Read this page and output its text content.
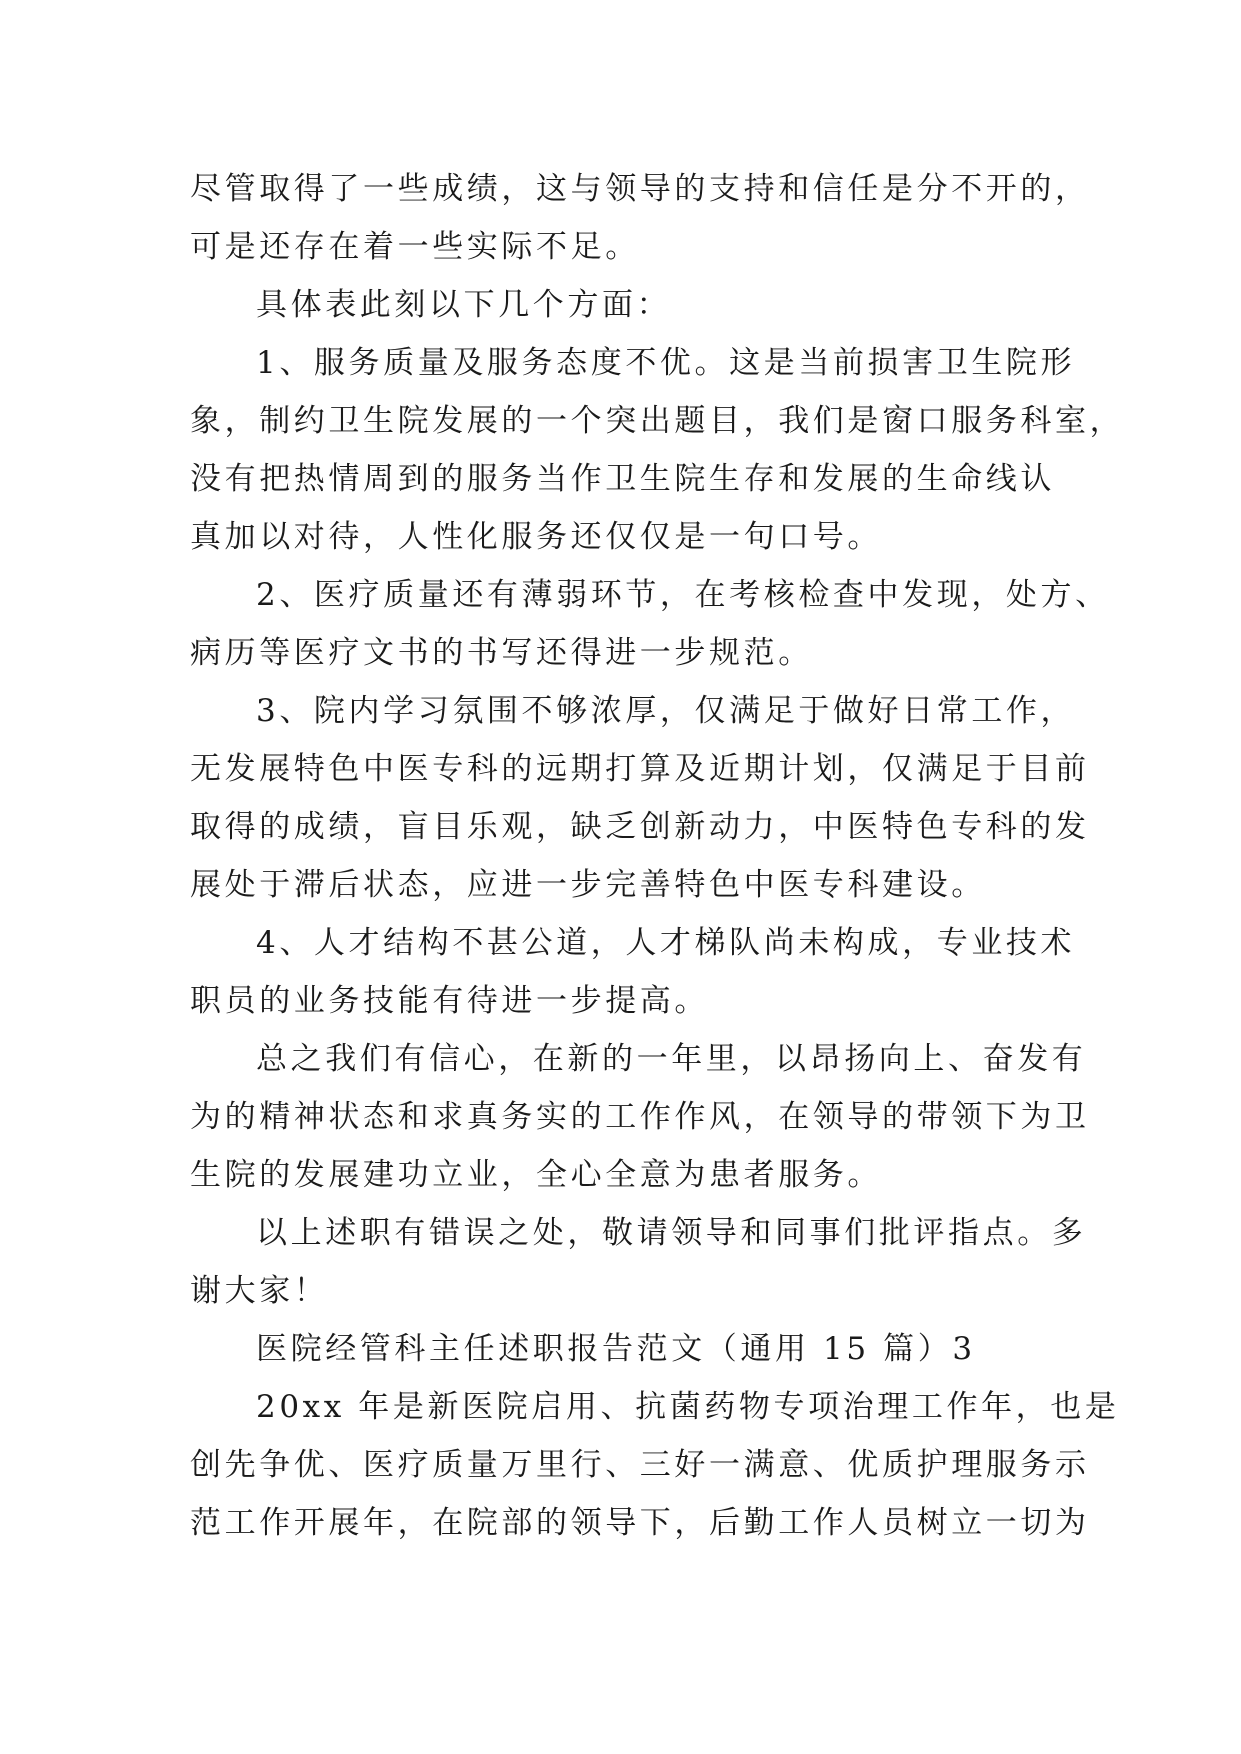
尽管取得了一些成绩，这与领导的支持和信任是分不开的，
可是还存在着一些实际不足。
具体表此刻以下几个方面：
1、服务质量及服务态度不优。这是当前损害卫生院形
象，制约卫生院发展的一个突出题目，我们是窗口服务科室，
没有把热情周到的服务当作卫生院生存和发展的生命线认
真加以对待，人性化服务还仅仅是一句口号。
2、医疗质量还有薄弱环节，在考核检查中发现，处方、
病历等医疗文书的书写还得进一步规范。
3、院内学习氛围不够浓厚，仅满足于做好日常工作，
无发展特色中医专科的远期打算及近期计划，仅满足于目前
取得的成绩，盲目乐观，缺乏创新动力，中医特色专科的发
展处于滞后状态，应进一步完善特色中医专科建设。
4、人才结构不甚公道，人才梯队尚未构成，专业技术
职员的业务技能有待进一步提高。
总之我们有信心，在新的一年里，以昂扬向上、奋发有
为的精神状态和求真务实的工作作风，在领导的带领下为卫
生院的发展建功立业，全心全意为患者服务。
以上述职有错误之处，敬请领导和同事们批评指点。多
谢大家！
医院经管科主任述职报告范文（通用 15 篇）3
20xx 年是新医院启用、抗菌药物专项治理工作年，也是
创先争优、医疗质量万里行、三好一满意、优质护理服务示
范工作开展年，在院部的领导下，后勤工作人员树立一切为
